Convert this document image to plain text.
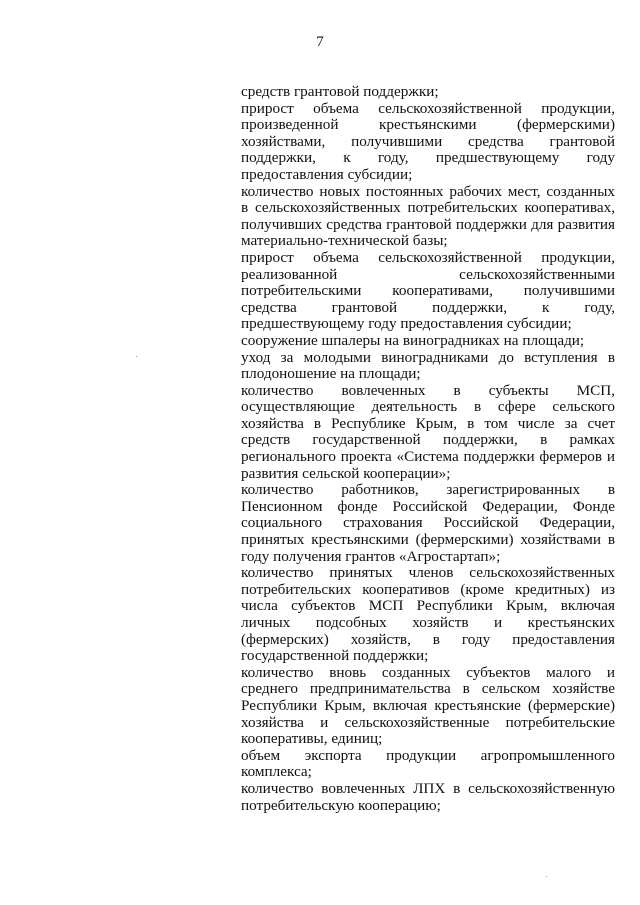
7

средств грантовой поддержки;

прирост объема сельскохозяйственной продукции, произведенной крестьянскими (фермерскими) хозяйствами, получившими средства грантовой поддержки, к году, предшествующему году предоставления субсидии;

количество новых постоянных рабочих мест, созданных в сельскохозяйственных потребительских кооперативах, получивших средства грантовой поддержки для развития материально-технической базы;

прирост объема сельскохозяйственной продукции, реализованной сельскохозяйственными потребительскими кооперативами, получившими средства грантовой поддержки, к году, предшествующему году предоставления субсидии;

сооружение шпалеры на виноградниках на площади;

уход за молодыми виноградниками до вступления в плодоношение на площади;

количество вовлеченных в субъекты МСП, осуществляющие деятельность в сфере сельского хозяйства в Республике Крым, в том числе за счет средств государственной поддержки, в рамках регионального проекта «Система поддержки фермеров и развития сельской кооперации»;

количество работников, зарегистрированных в Пенсионном фонде Российской Федерации, Фонде социального страхования Российской Федерации, принятых крестьянскими (фермерскими) хозяйствами в году получения грантов «Агростартап»;

количество принятых членов сельскохозяйственных потребительских кооперативов (кроме кредитных) из числа субъектов МСП Республики Крым, включая личных подсобных хозяйств и крестьянских (фермерских) хозяйств, в году предоставления государственной поддержки;

количество вновь созданных субъектов малого и среднего предпринимательства в сельском хозяйстве Республики Крым, включая крестьянские (фермерские) хозяйства и сельскохозяйственные потребительские кооперативы, единиц;

объем экспорта продукции агропромышленного комплекса;

количество вовлеченных ЛПХ в сельскохозяйственную потребительскую кооперацию;
